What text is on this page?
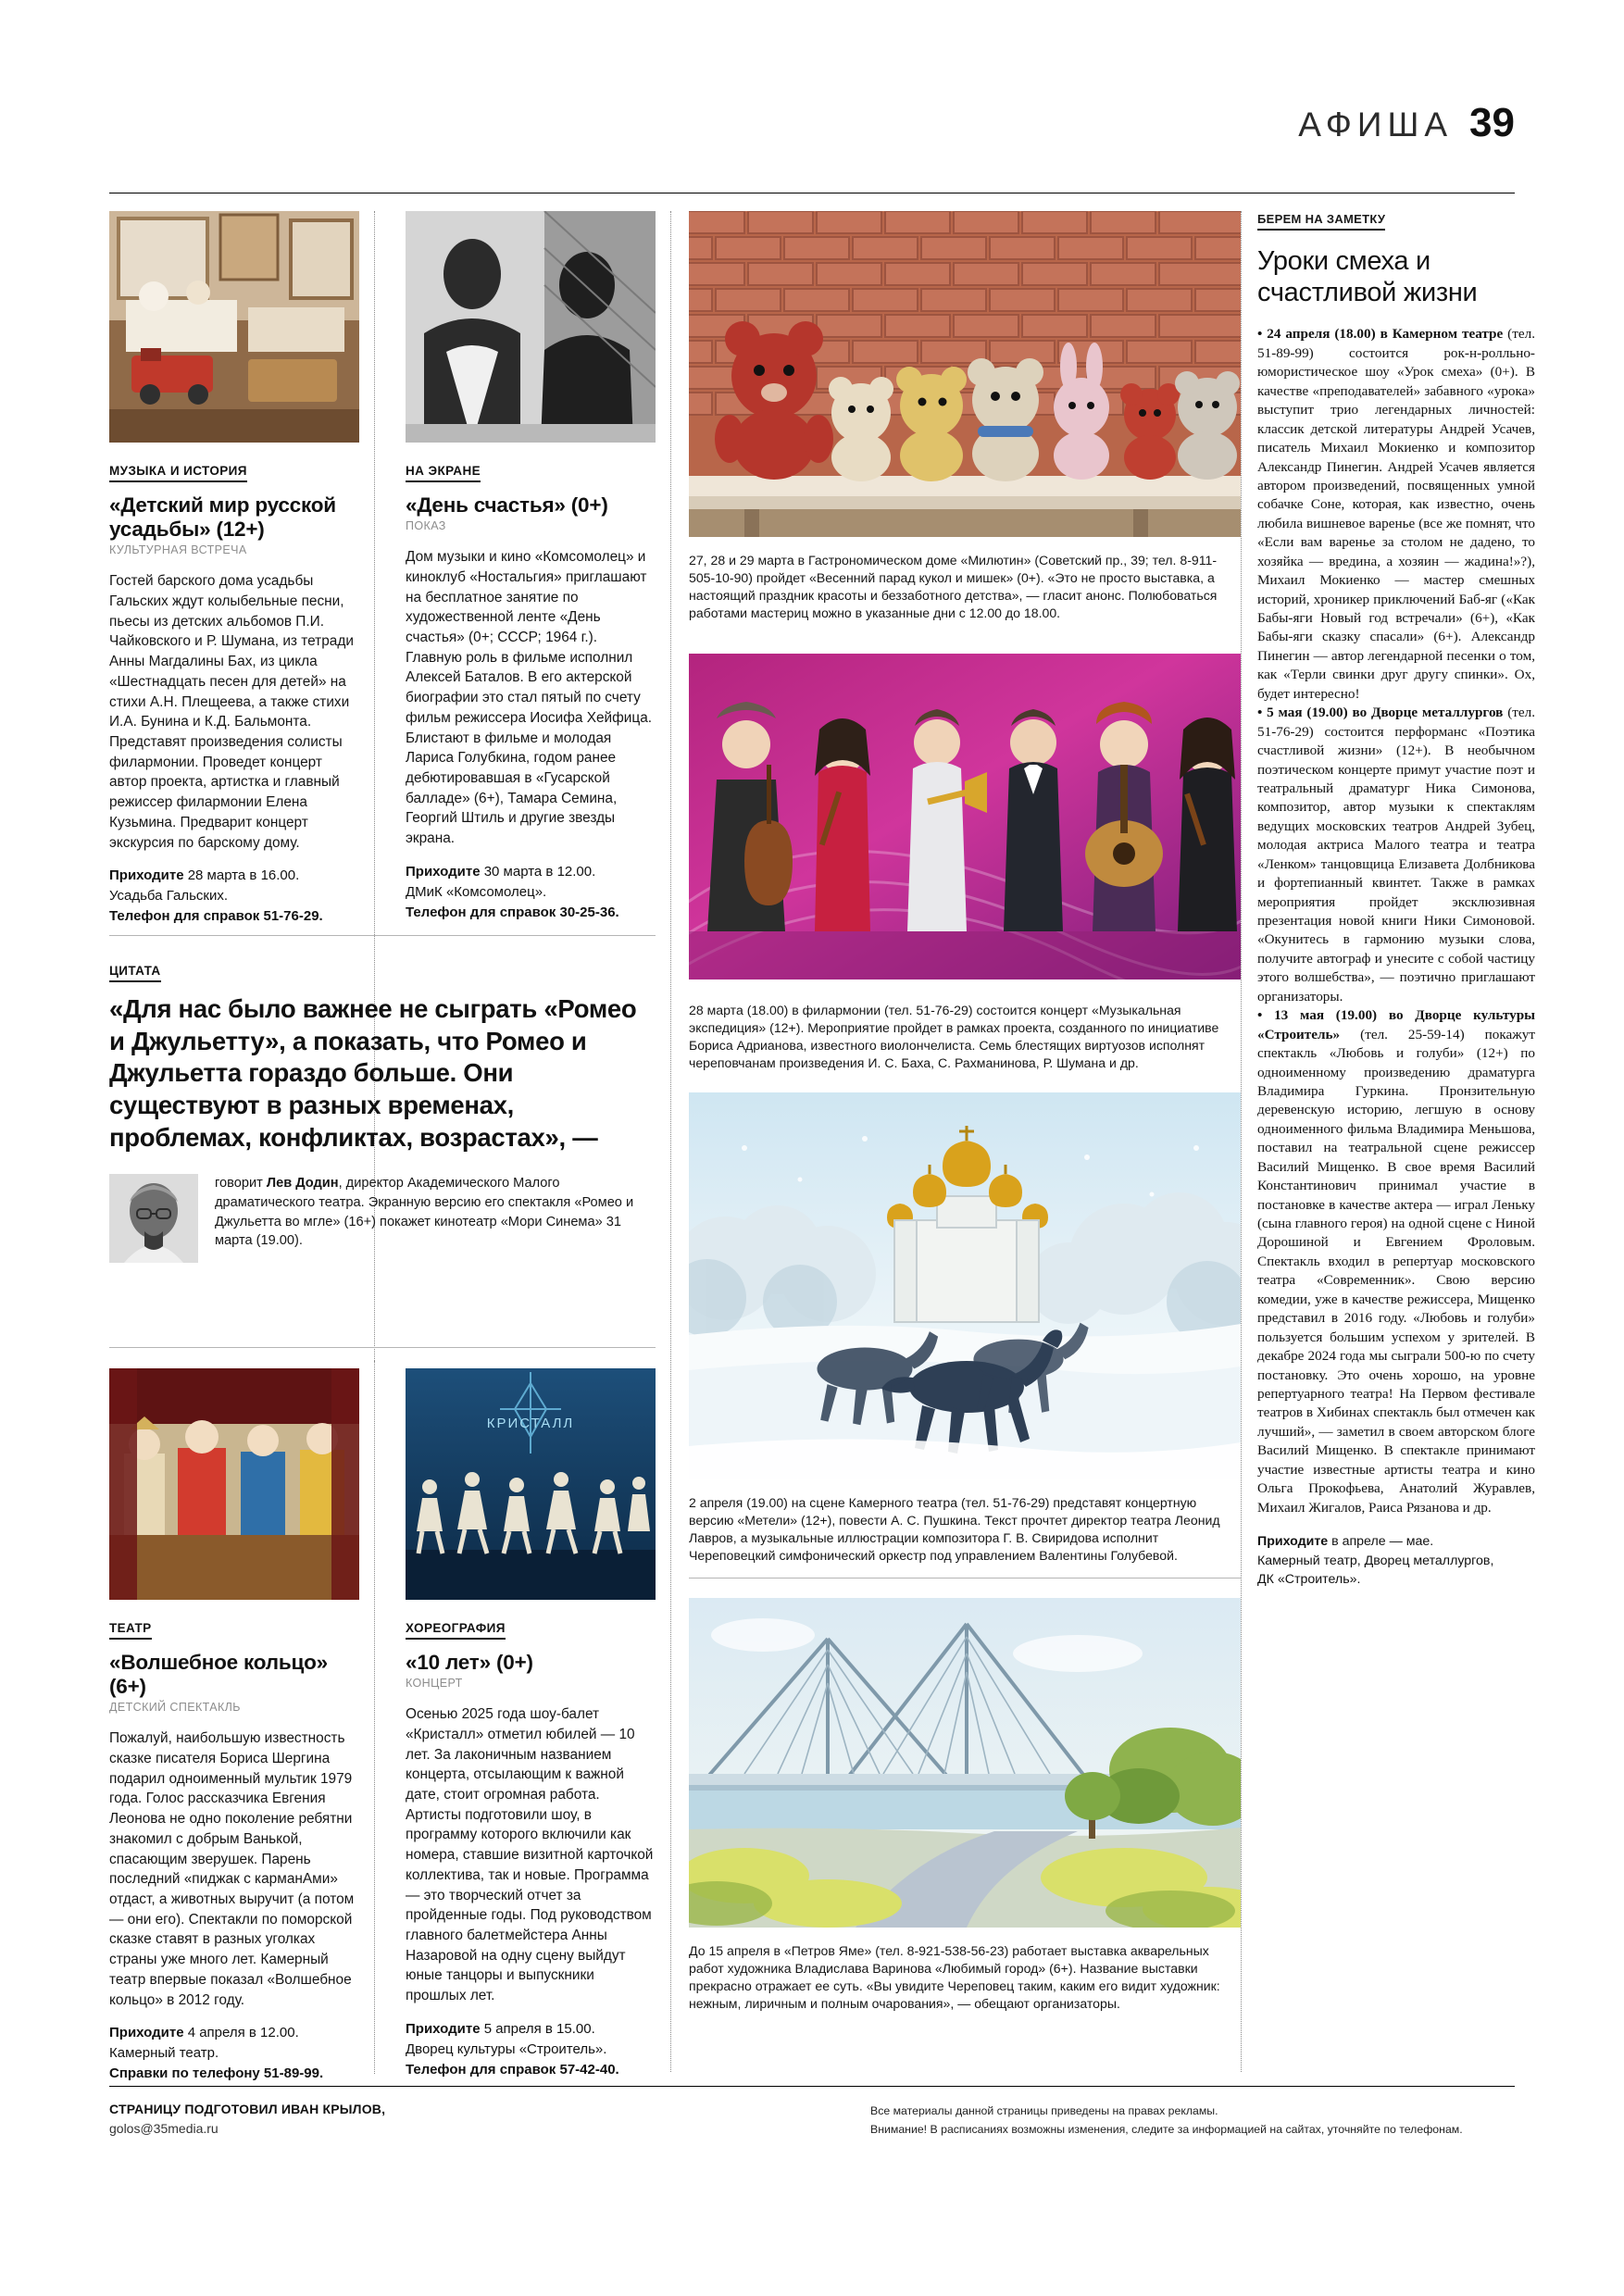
АФИША 39
МУЗЫКА И ИСТОРИЯ
«Детский мир русской усадьбы» (12+)

КУЛЬТУРНАЯ ВСТРЕЧА

Гостей барского дома усадьбы Гальских ждут колыбельные песни, пьесы из детских альбомов П.И. Чайковского и Р. Шумана, из тетради Анны Магдалины Бах, из цикла «Шестнадцать песен для детей» на стихи А.Н. Плещеева, а также стихи И.А. Бунина и К.Д. Бальмонта. Представят произведения солисты филармонии. Проведет концерт автор проекта, артистка и главный режиссер филармонии Елена Кузьмина. Предварит концерт экскурсия по барскому дому.

Приходите 28 марта в 16.00.
Усадьба Гальских.
Телефон для справок 51-76-29.
НА ЭКРАНЕ
«День счастья» (0+)

ПОКАЗ

Дом музыки и кино «Комсомолец» и киноклуб «Ностальгия» приглашают на бесплатное занятие по художественной ленте «День счастья» (0+; СССР; 1964 г.). Главную роль в фильме исполнил Алексей Баталов. В его актерской биографии это стал пятый по счету фильм режиссера Иосифа Хейфица. Блистают в фильме и молодая Лариса Голубкина, годом ранее дебютировавшая в «Гусарской балладе» (6+), Тамара Семина, Георгий Штиль и другие звезды экрана.

Приходите 30 марта в 12.00.
ДМиК «Комсомолец».
Телефон для справок 30-25-36.
ЦИТАТА

«Для нас было важнее не сыграть «Ромео и Джульетту», а показать, что Ромео и Джульетта гораздо больше. Они существуют в разных временах, проблемах, конфликтах, возрастах», —

говорит Лев Додин, директор Академического Малого драматического театра. Экранную версию его спектакля «Ромео и Джульетта во мгле» (16+) покажет кинотеатр «Мори Синема» 31 марта (19.00).
ТЕАТР
«Волшебное кольцо» (6+)

ДЕТСКИЙ СПЕКТАКЛЬ

Пожалуй, наибольшую известность сказке писателя Бориса Шергина подарил одноименный мультик 1979 года. Голос рассказчика Евгения Леонова не одно поколение ребятни знакомил с добрым Ванькой, спасающим зверушек. Парень последний «пиджак с карманАми» отдаст, а животных выручит (а потом — они его). Спектакли по поморской сказке ставят в разных уголках страны уже много лет. Камерный театр впервые показал «Волшебное кольцо» в 2012 году.

Приходите 4 апреля в 12.00.
Камерный театр.
Справки по телефону 51-89-99.
КРИСТАЛЛ
ХОРЕОГРАФИЯ
«10 лет» (0+)

КОНЦЕРТ

Осенью 2025 года шоу-балет «Кристалл» отметил юбилей — 10 лет. За лаконичным названием концерта, отсылающим к важной дате, стоит огромная работа. Артисты подготовили шоу, в программу которого включили как номера, ставшие визитной карточкой коллектива, так и новые. Программа — это творческий отчет за пройденные годы. Под руководством главного балетмейстера Анны Назаровой на одну сцену выйдут юные танцоры и выпускники прошлых лет.

Приходите 5 апреля в 15.00.
Дворец культуры «Строитель».
Телефон для справок 57-42-40.
27, 28 и 29 марта в Гастрономическом доме «Милютин» (Советский пр., 39; тел. 8-911-505-10-90) пройдет «Весенний парад кукол и мишек» (0+). «Это не просто выставка, а настоящий праздник красоты и беззаботного детства», — гласит анонс. Полюбоваться работами мастериц можно в указанные дни с 12.00 до 18.00.
28 марта (18.00) в филармонии (тел. 51-76-29) состоится концерт «Музыкальная экспедиция» (12+). Мероприятие пройдет в рамках проекта, созданного по инициативе Бориса Адрианова, известного виолончелиста. Семь блестящих виртуозов исполнят череповчанам произведения И. С. Баха, С. Рахманинова, Р. Шумана и др.
2 апреля (19.00) на сцене Камерного театра (тел. 51-76-29) представят концертную версию «Метели» (12+), повести А. С. Пушкина. Текст прочтет директор театра Леонид Лавров, а музыкальные иллюстрации композитора Г. В. Свиридова исполнит Череповецкий симфонический оркестр под управлением Валентины Голубевой.
До 15 апреля в «Петров Яме» (тел. 8-921-538-56-23) работает выставка акварельных работ художника Владислава Варинова «Любимый город» (6+). Название выставки прекрасно отражает ее суть. «Вы увидите Череповец таким, каким его видит художник: нежным, лиричным и полным очарования», — обещают организаторы.
БЕРЕМ НА ЗАМЕТКУ
Уроки смеха и счастливой жизни

• 24 апреля (18.00) в Камерном театре (тел. 51-89-99) состоится рок-н-ролльно-юмористическое шоу «Урок смеха» (0+). В качестве «преподавателей» забавного «урока» выступит трио легендарных личностей: классик детской литературы Андрей Усачев, писатель Михаил Мокиенко и композитор Александр Пинегин. Андрей Усачев является автором произведений, посвященных умной собачке Соне, которая, как известно, очень любила вишневое варенье (все же помнят, что «Если вам варенье за столом не дадено, то хозяйка — вредина, а хозяин — жадина!»?), Михаил Мокиенко — мастер смешных историй, хроникер приключений Баб-яг («Как Бабы-яги Новый год встречали» (6+), «Как Бабы-яги сказку спасали» (6+). Александр Пинегин — автор легендарной песенки о том, как «Терли свинки друг другу спинки». Ох, будет интересно!

• 5 мая (19.00) во Дворце металлургов (тел. 51-76-29) состоится перформанс «Поэтика счастливой жизни» (12+). В необычном поэтическом концерте примут участие поэт и театральный драматург Ника Симонова, композитор, автор музыки к спектаклям ведущих московских театров Андрей Зубец, молодая актриса Малого театра и театра «Ленком» танцовщица Елизавета Долбникова и фортепианный квинтет. Также в рамках мероприятия пройдет эксклюзивная презентация новой книги Ники Симоновой. «Окунитесь в гармонию музыки слова, получите автограф и унесите с собой частицу этого волшебства», — поэтично приглашают организаторы.

• 13 мая (19.00) во Дворце культуры «Строитель» (тел. 25-59-14) покажут спектакль «Любовь и голуби» (12+) по одноименному произведению драматурга Владимира Гуркина. Пронзительную деревенскую историю, легшую в основу одноименного фильма Владимира Меньшова, поставил на театральной сцене режиссер Василий Мищенко. В свое время Василий Константинович принимал участие в постановке в качестве актера — играл Леньку (сына главного героя) на одной сцене с Ниной Дорошиной и Евгением Фроловым. Спектакль входил в репертуар московского театра «Современник». Свою версию комедии, уже в качестве режиссера, Мищенко представил в 2016 году. «Любовь и голуби» пользуется большим успехом у зрителей. В декабре 2024 года мы сыграли 500-ю по счету постановку. Это очень хорошо, на уровне репертуарного театра! На Первом фестивале театров в Хибинах спектакль был отмечен как лучший», — заметил в своем авторском блоге Василий Мищенко. В спектакле принимают участие известные артисты театра и кино Ольга Прокофьева, Анатолий Журавлев, Михаил Жигалов, Раиса Рязанова и др.

Приходите в апреле — мае.
Камерный театр, Дворец металлургов,
ДК «Строитель».
СТРАНИЦУ ПОДГОТОВИЛ ИВАН КРЫЛОВ,
golos@35media.ru
Все материалы данной страницы приведены на правах рекламы.
Внимание! В расписаниях возможны изменения, следите за информацией на сайтах, уточняйте по телефонам.
